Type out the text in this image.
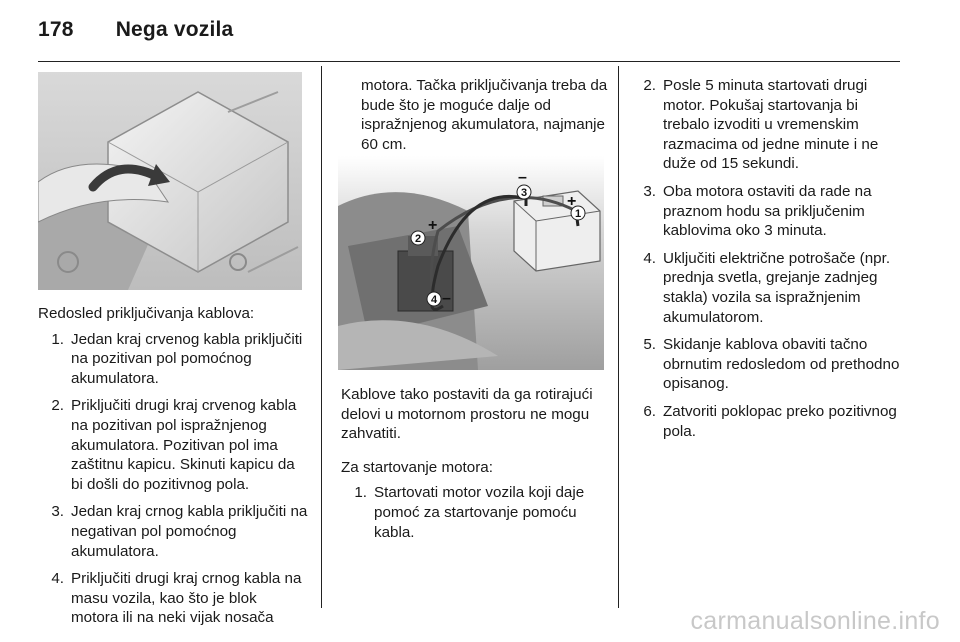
178 Nega vozila

Redosled priključivanja kablova:

1. Jedan kraj crvenog kabla priključiti na pozitivan pol pomoćnog akumulatora.
2. Priključiti drugi kraj crvenog kabla na pozitivan pol ispražnjenog akumulatora. Pozitivan pol ima zaštitnu kapicu. Skinuti kapicu da bi došli do pozitivnog pola.
3. Jedan kraj crnog kabla priključiti na negativan pol pomoćnog akumulatora.
4. Priključiti drugi kraj crnog kabla na masu vozila, kao što je blok motora ili na neki vijak nosača

motora. Tačka priključivanja treba da bude što je moguće dalje od ispražnjenog akumulatora, najmanje 60 cm.

1
2
3
4
+
–
+
–

Kablove tako postaviti da ga rotirajući delovi u motornom prostoru ne mogu zahvatiti.

Za startovanje motora:

1. Startovati motor vozila koji daje pomoć za startovanje pomoću kabla.
2. Posle 5 minuta startovati drugi motor. Pokušaj startovanja bi trebalo izvoditi u vremenskim razmacima od jedne minute i ne duže od 15 sekundi.
3. Oba motora ostaviti da rade na praznom hodu sa priključenim kablovima oko 3 minuta.
4. Uključiti električne potrošače (npr. prednja svetla, grejanje zadnjeg stakla) vozila sa ispražnjenim akumulatorom.
5. Skidanje kablova obaviti tačno obrnutim redosledom od prethodno opisanog.
6. Zatvoriti poklopac preko pozitivnog pola.
carmanualsonline.info
